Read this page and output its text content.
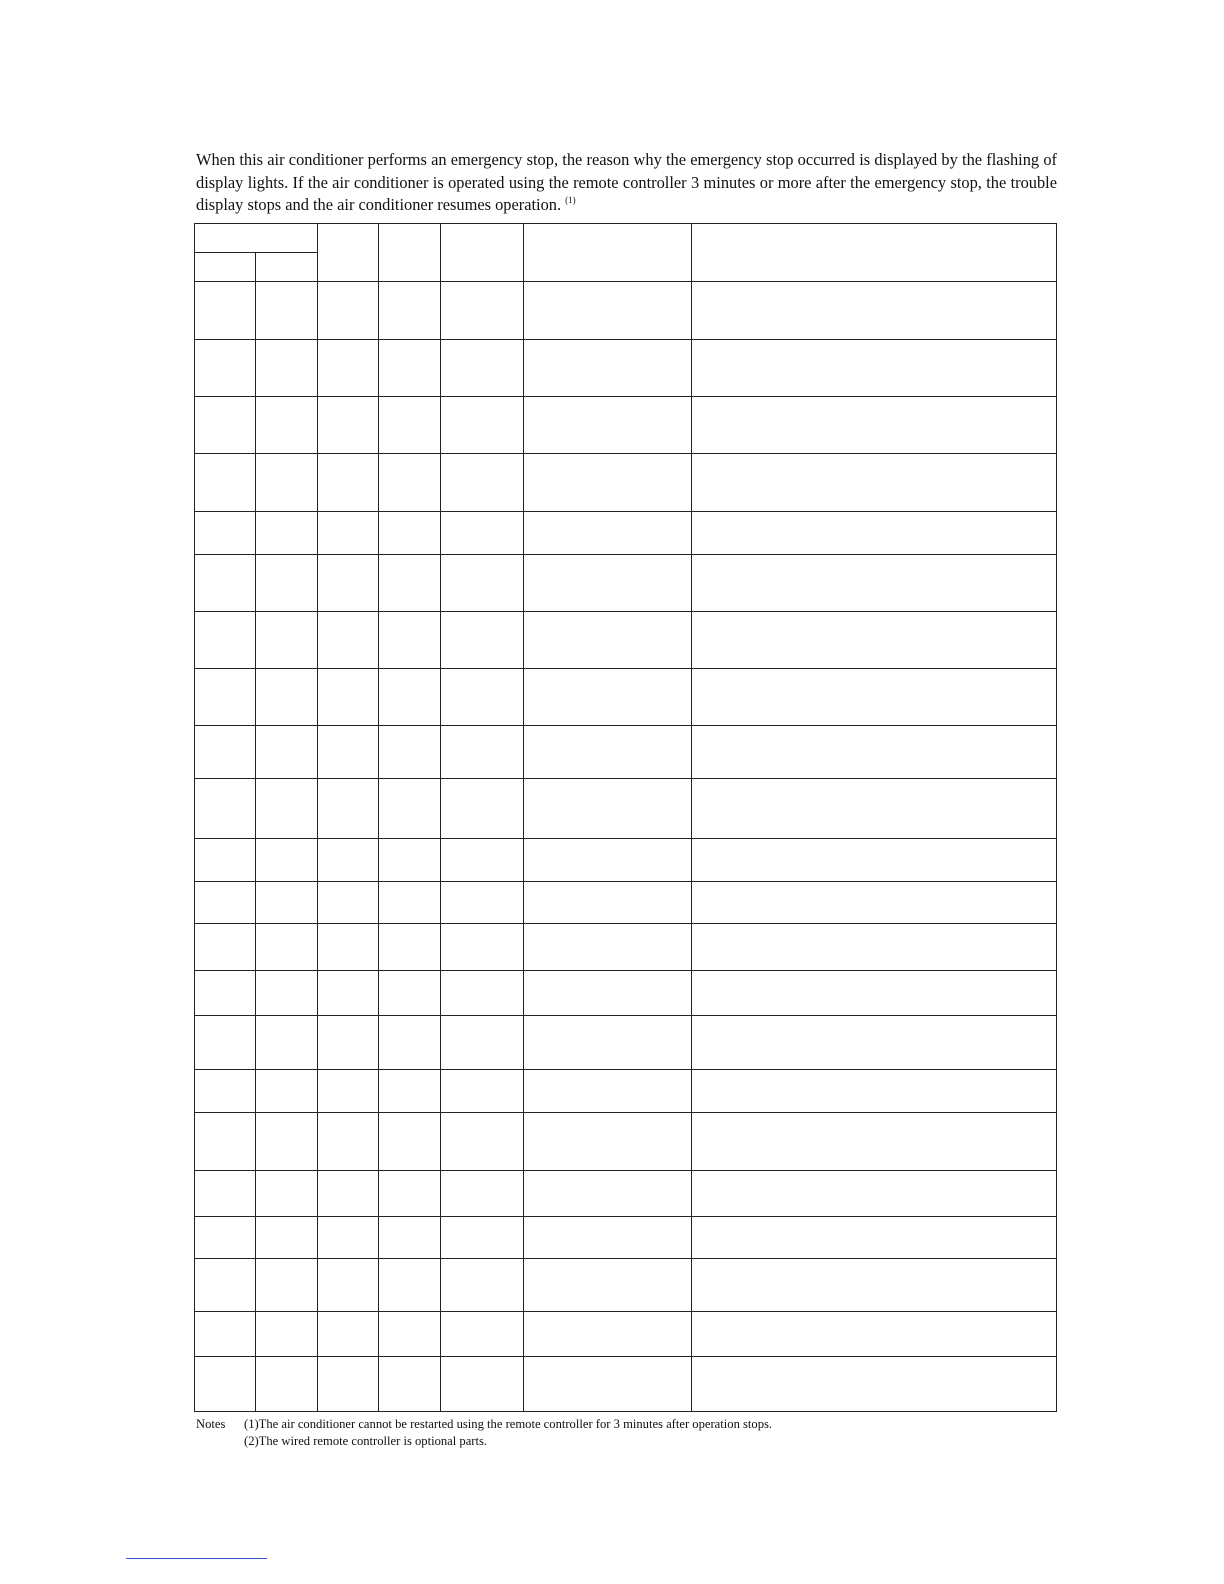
When this air conditioner performs an emergency stop, the reason why the emergency stop occurred is displayed by the flashing of display lights. If the air conditioner is operated using the remote controller 3 minutes or more after the emergency stop, the trouble display stops and the air conditioner resumes operation. $^{(1)}$

Notes (1)The air conditioner cannot be restarted using the remote controller for 3 minutes after operation stops.
(2)The wired remote controller is optional parts.
